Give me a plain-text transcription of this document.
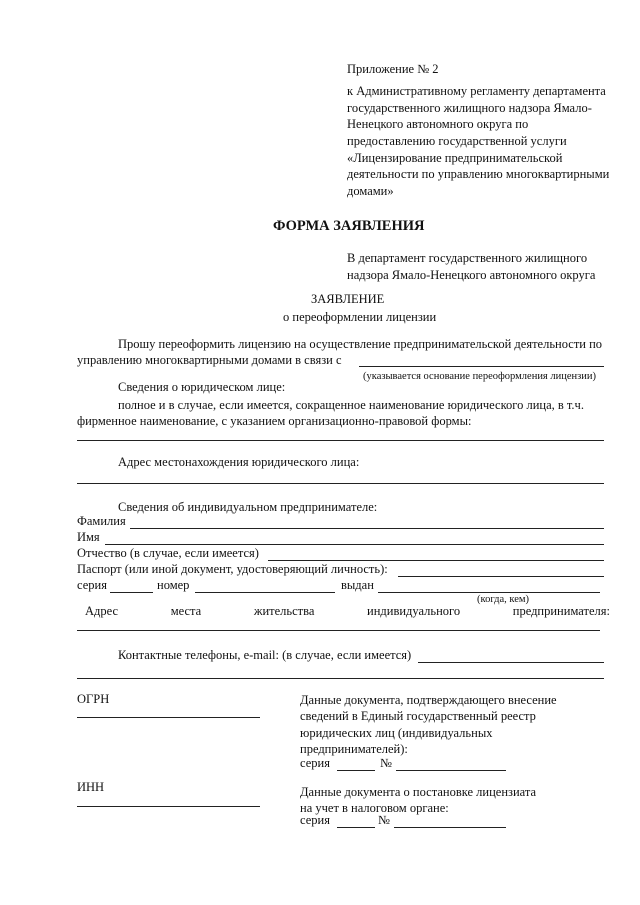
Приложение № 2
к Административному регламенту департамента
государственного жилищного надзора Ямало-
Ненецкого автономного округа по
предоставлению государственной услуги
«Лицензирование предпринимательской
деятельности по управлению многоквартирными
домами»
ФОРМА ЗАЯВЛЕНИЯ
В департамент государственного жилищного
надзора Ямало-Ненецкого автономного округа
ЗАЯВЛЕНИЕ
о переоформлении лицензии
Прошу переоформить лицензию на осуществление предпринимательской деятельности по
управлению многоквартирными домами в связи с
(указывается основание переоформления лицензии)
Сведения о юридическом лице:
полное и в случае, если имеется, сокращенное наименование юридического лица, в т.ч.
фирменное наименование, с указанием организационно-правовой формы:
Адрес местонахождения юридического лица:
Сведения об индивидуальном предпринимателе:
Фамилия
Имя
Отчество (в случае, если имеется)
Паспорт (или иной документ, удостоверяющий личность):
серия	номер	выдан
(когда, кем)
Адрес	места	жительства	индивидуального	предпринимателя:
Контактные телефоны, e-mail: (в случае, если имеется)
ОГРН	Данные документа, подтверждающего внесение
сведений в Единый государственный реестр
юридических лиц (индивидуальных
предпринимателей):
серия	№
ИНН	Данные документа о постановке лицензиата
на учет в налоговом органе:
серия	№
